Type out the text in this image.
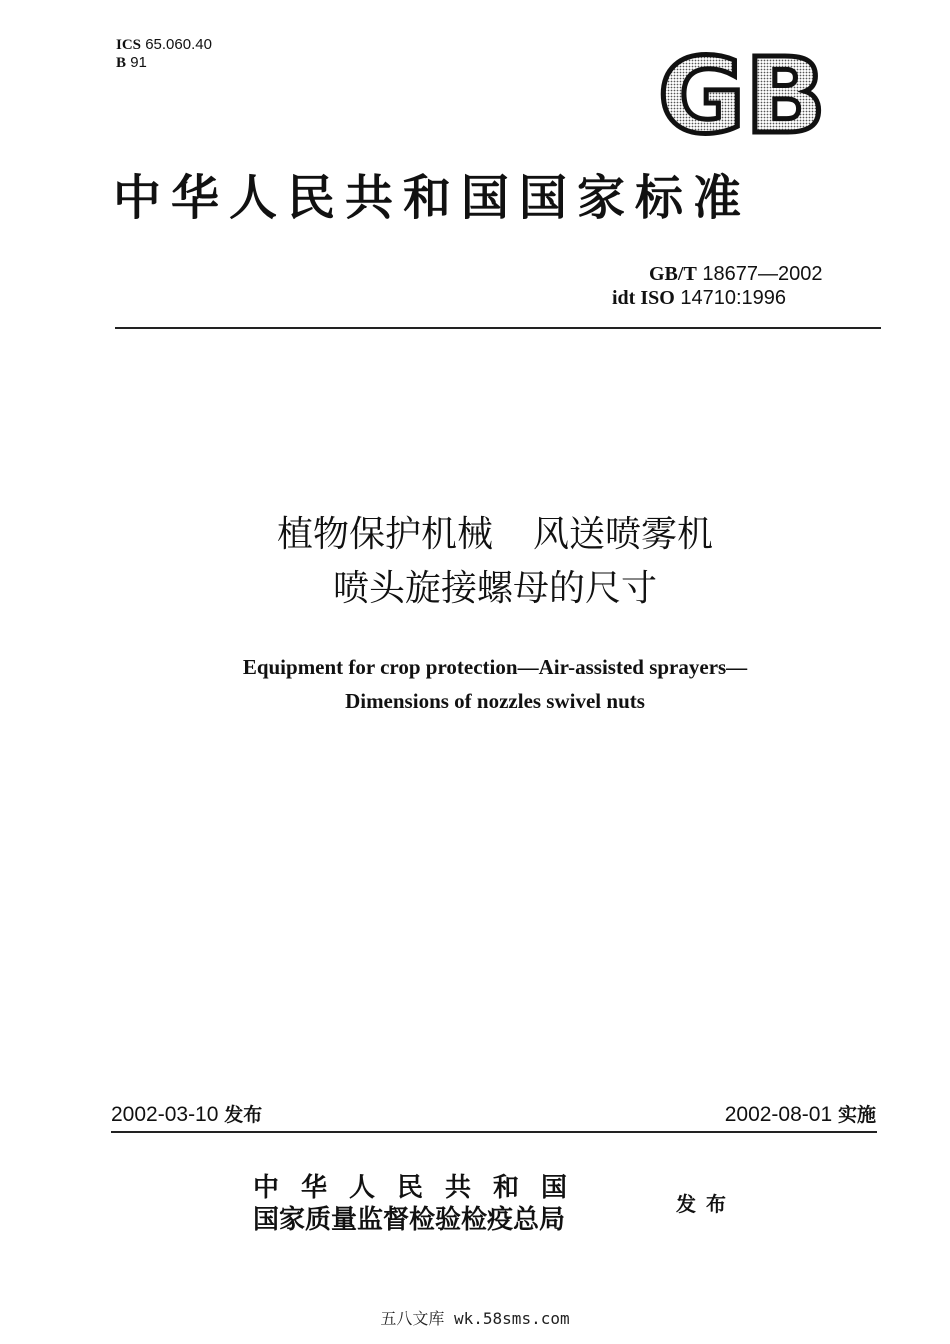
ICS 65.060.40
B 91	GB
中华人民共和国国家标准
GB/T 18677—2002
idt ISO 14710:1996
植物保护机械 风送喷雾机
喷头旋接螺母的尺寸
Equipment for crop protection—Air-assisted sprayers—
Dimensions of nozzles swivel nuts
2002-03-10 发布	2002-08-01 实施
中华人民共和国
国家质量监督检验检疫总局
发布
五八文库 wk.58sms.com
